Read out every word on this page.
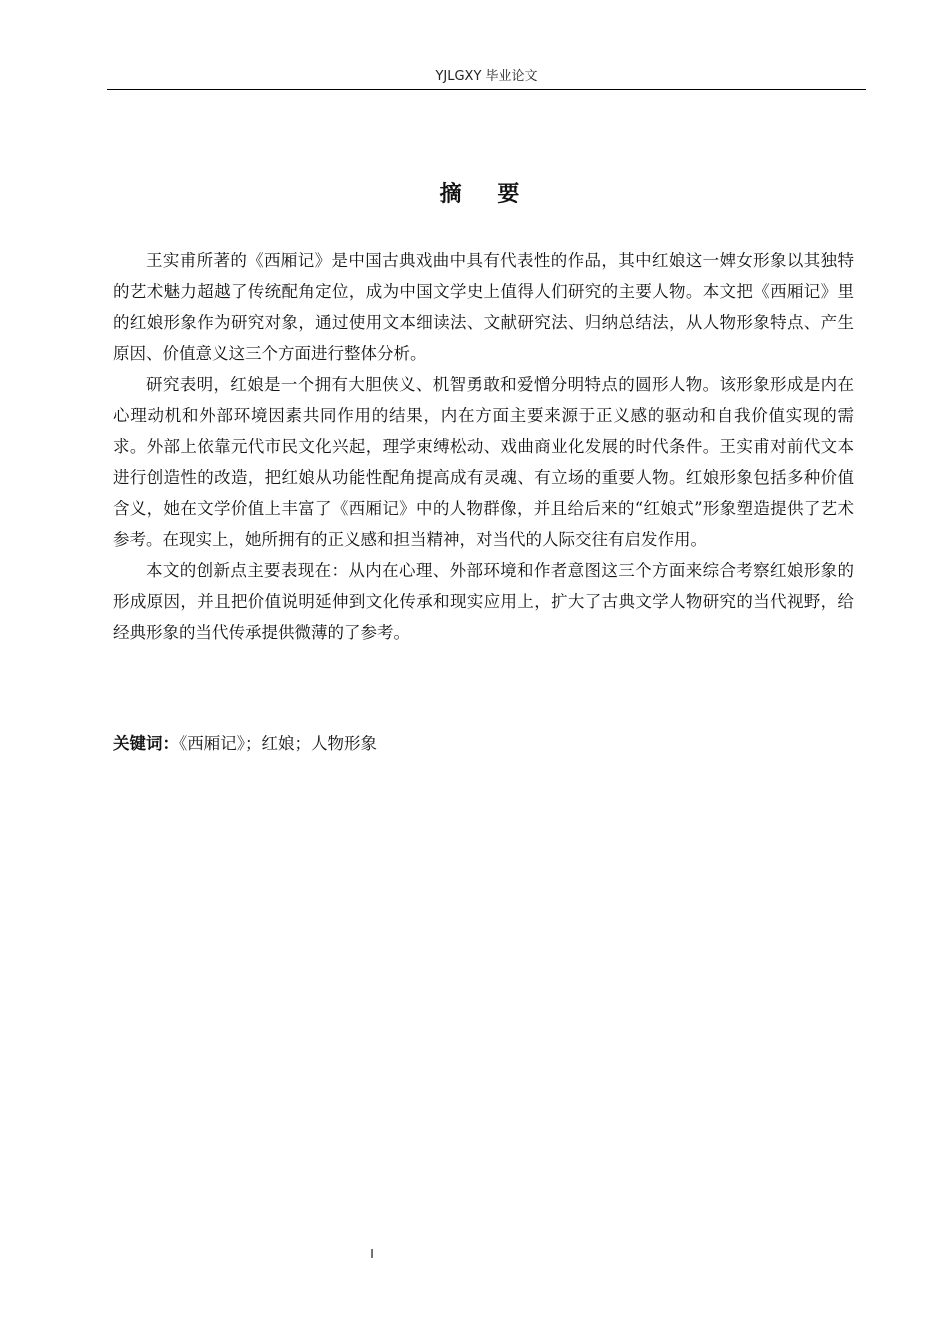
YJLGXY 毕业论文
摘 要

王实甫所著的《西厢记》是中国古典戏曲中具有代表性的作品，其中红娘这一婢女形象以其独特的艺术魅力超越了传统配角定位，成为中国文学史上值得人们研究的主要人物。本文把《西厢记》里的红娘形象作为研究对象，通过使用文本细读法、文献研究法、归纳总结法，从人物形象特点、产生原因、价值意义这三个方面进行整体分析。

研究表明，红娘是一个拥有大胆侠义、机智勇敢和爱憎分明特点的圆形人物。该形象形成是内在心理动机和外部环境因素共同作用的结果，内在方面主要来源于正义感的驱动和自我价值实现的需求。外部上依靠元代市民文化兴起，理学束缚松动、戏曲商业化发展的时代条件。王实甫对前代文本进行创造性的改造，把红娘从功能性配角提高成有灵魂、有立场的重要人物。红娘形象包括多种价值含义，她在文学价值上丰富了《西厢记》中的人物群像，并且给后来的“红娘式”形象塑造提供了艺术参考。在现实上，她所拥有的正义感和担当精神，对当代的人际交往有启发作用。

本文的创新点主要表现在：从内在心理、外部环境和作者意图这三个方面来综合考察红娘形象的形成原因，并且把价值说明延伸到文化传承和现实应用上，扩大了古典文学人物研究的当代视野，给经典形象的当代传承提供微薄的了参考。

关键词：《西厢记》；红娘；人物形象
I
